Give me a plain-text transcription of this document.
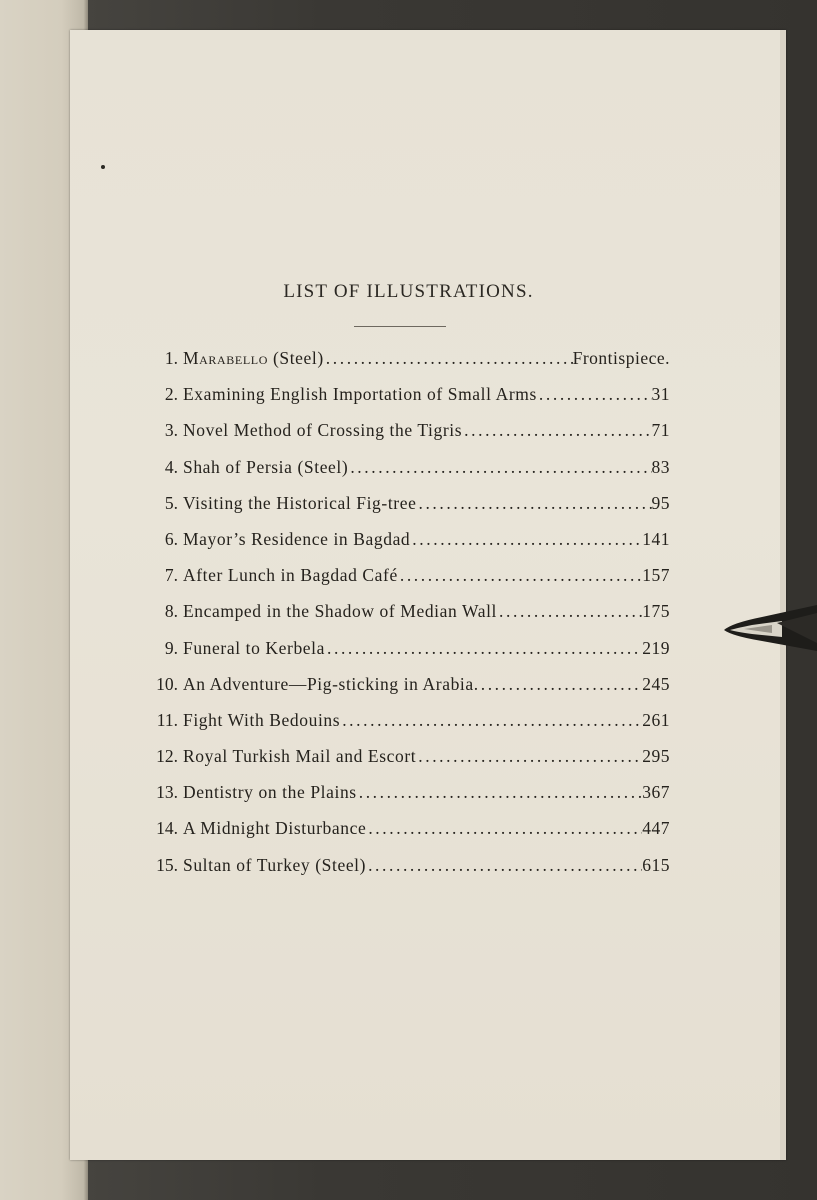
LIST OF ILLUSTRATIONS.
1. Marabello (Steel) .....	Frontispiece.
2. Examining English Importation of Small Arms .....	31
3. Novel Method of Crossing the Tigris .....	71
4. Shah of Persia (Steel) .....	83
5. Visiting the Historical Fig-tree .....	95
6. Mayor’s Residence in Bagdad .....	141
7. After Lunch in Bagdad Café .....	157
8. Encamped in the Shadow of Median Wall .....	175
9. Funeral to Kerbela .....	219
10. An Adventure—Pig-sticking in Arabia. .....	245
11. Fight With Bedouins .....	261
12. Royal Turkish Mail and Escort .....	295
13. Dentistry on the Plains .....	367
14. A Midnight Disturbance .....	447
15. Sultan of Turkey (Steel) .....	615
